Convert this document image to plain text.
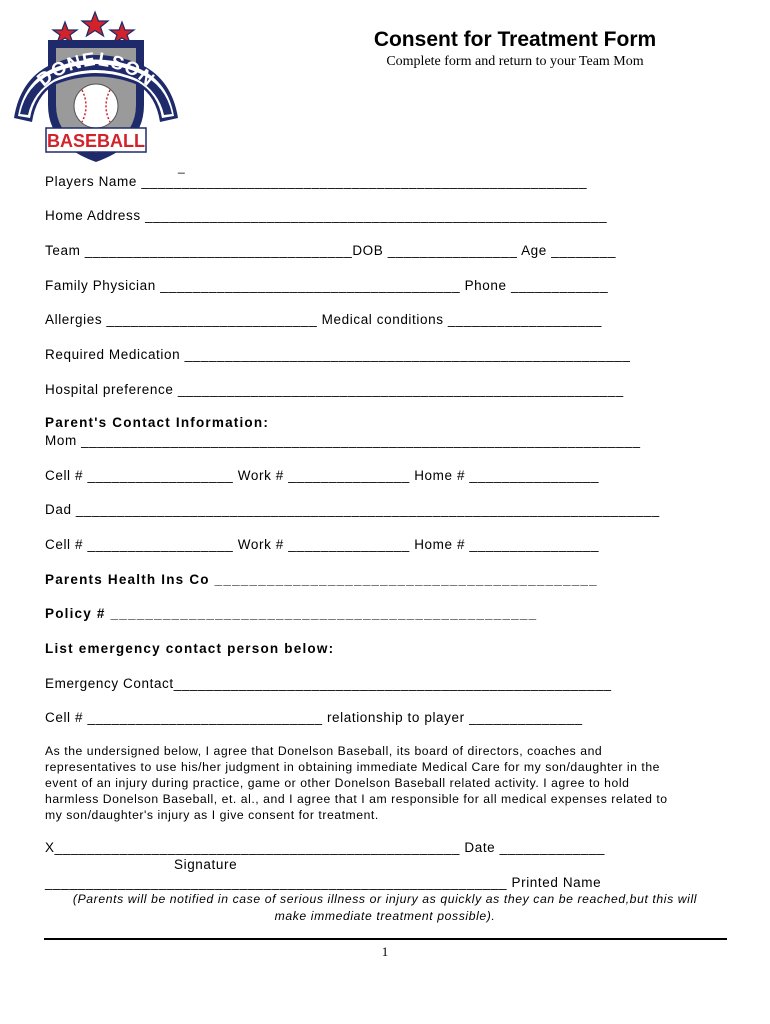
DONELSON
BASEBALL
Consent for Treatment Form
Complete form and return to your Team Mom
_
Players Name _______________________________________________________
Home Address _________________________________________________________
Team _________________________________DOB ________________ Age ________
Family Physician _____________________________________ Phone ____________
Allergies __________________________ Medical conditions ___________________
Required Medication _______________________________________________________
Hospital preference _______________________________________________________
Parent's Contact Information:
Mom _____________________________________________________________________
Cell # __________________ Work # _______________ Home # ________________
Dad ________________________________________________________________________
Cell # __________________ Work # _______________ Home # ________________
Parents Health Ins Co ____________________________________________
Policy # _________________________________________________
List emergency contact person below:
Emergency Contact______________________________________________________
Cell # _____________________________ relationship to player ______________
As the undersigned below, I agree that Donelson Baseball, its board of directors, coaches and
representatives to use his/her judgment in obtaining immediate Medical Care for my son/daughter in the
event of an injury during practice, game or other Donelson Baseball related activity. I agree to hold
harmless Donelson Baseball, et. al., and I agree that I am responsible for all medical expenses related to
my son/daughter's injury as I give consent for treatment.
X__________________________________________________ Date _____________
Signature
_________________________________________________________ Printed Name
(Parents will be notified in case of serious illness or injury as quickly as they can be reached,but this will
make immediate treatment possible).
1
